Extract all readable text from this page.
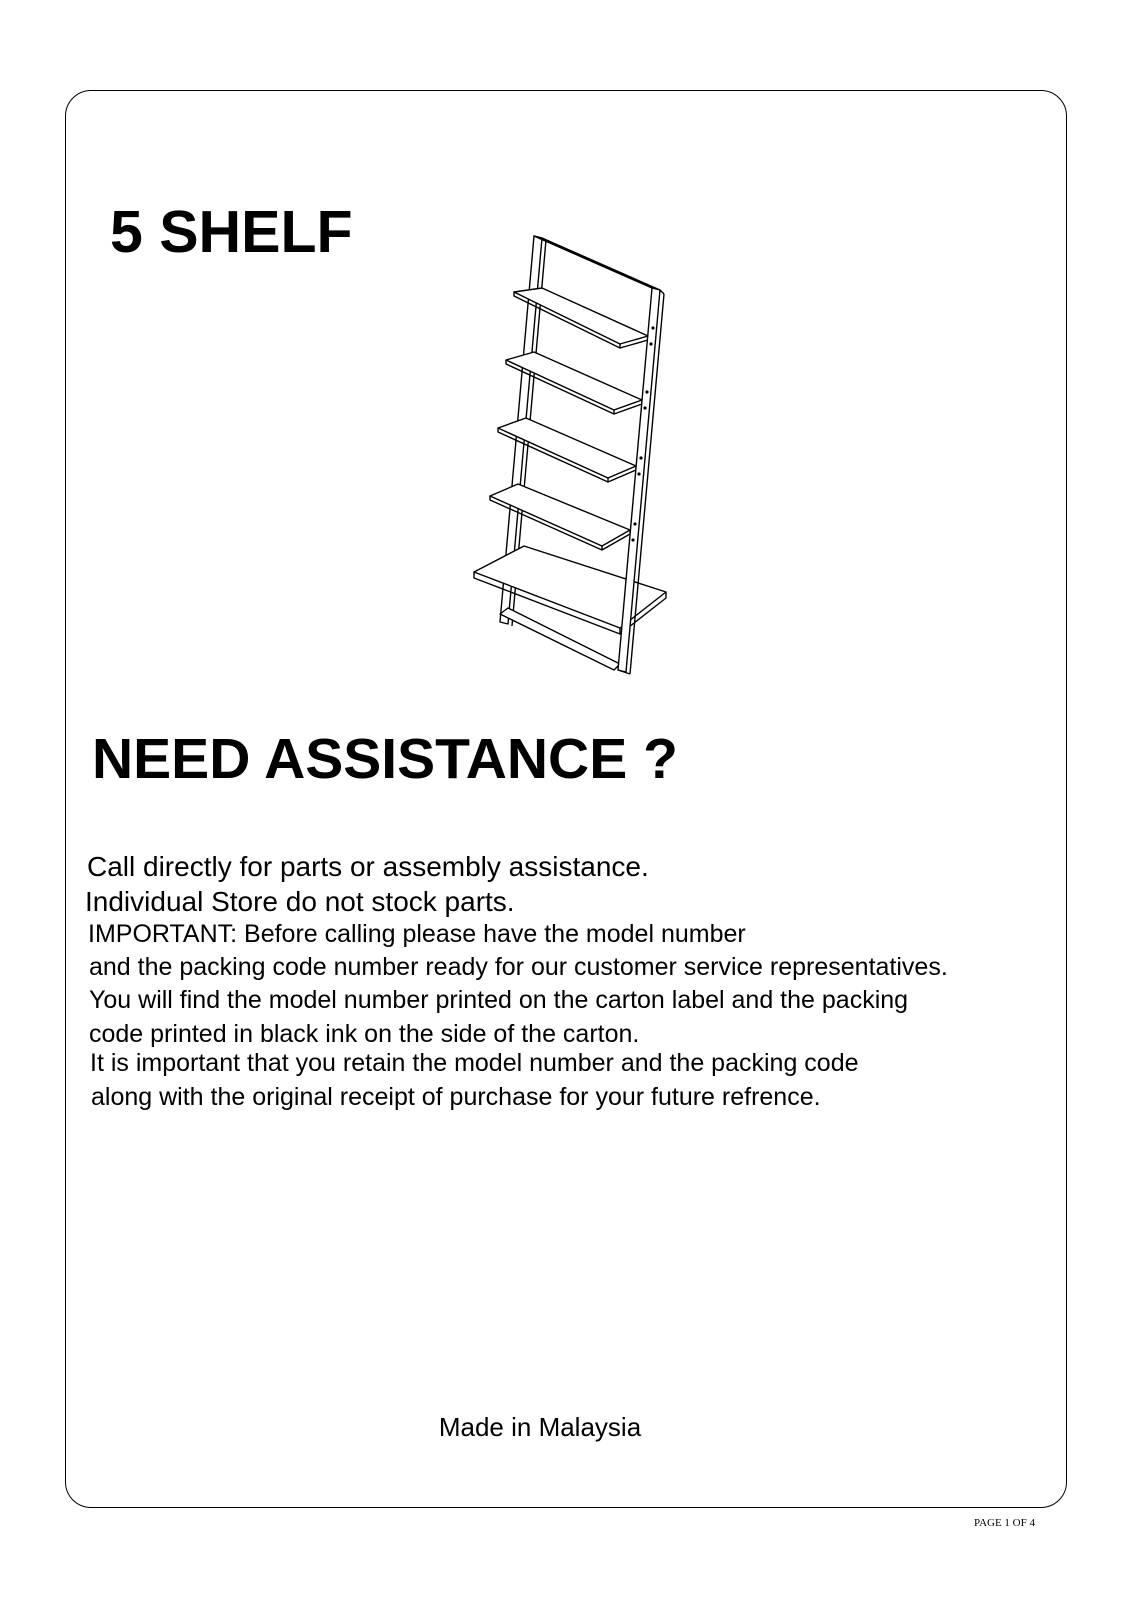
5 SHELF
NEED ASSISTANCE ?

Call directly for parts or assembly assistance.

Individual Store do not stock parts.

IMPORTANT: Before calling please have the model number

and the packing code number ready for our customer service representatives.

You will find the model number printed on the carton label and the packing

code printed in black ink on the side of the carton.

It is important that you retain the model number and the packing code

along with the original receipt of purchase for your future refrence.

Made in Malaysia

PAGE 1 OF 4
